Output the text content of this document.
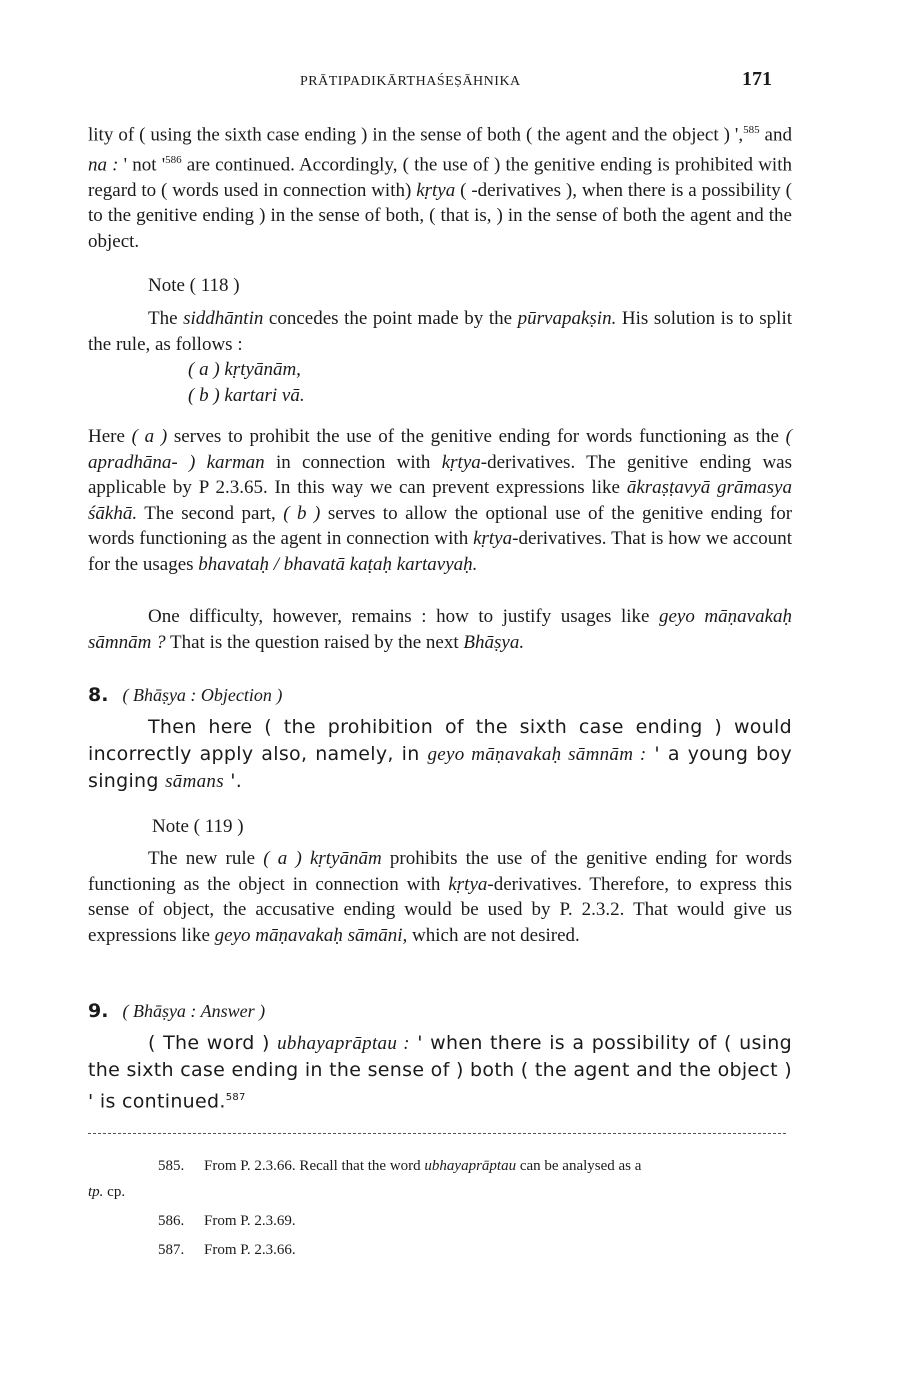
PRĀTIPADIKĀRTHAŚEṢĀHNIKA	171
lity of ( using the sixth case ending ) in the sense of both ( the agent and the object ) ',$^{585}$ and na : ' not '$^{586}$ are continued. Accordingly, ( the use of ) the genitive ending is prohibited with regard to ( words used in connection with) kṛtya ( -derivatives ), when there is a possibility ( to the genitive ending ) in the sense of both, ( that is, ) in the sense of both the agent and the object.
Note ( 118 )
The siddhāntin concedes the point made by the pūrvapakṣin. His solution is to split the rule, as follows :
( a ) kṛtyānām,
( b ) kartari vā.
Here ( a ) serves to prohibit the use of the genitive ending for words functioning as the ( apradhāna- ) karman in connection with kṛtya-derivatives. The genitive ending was applicable by P 2.3.65. In this way we can prevent expressions like ākraṣṭavyā grāmasya śākhā. The second part, ( b ) serves to allow the optional use of the genitive ending for words functioning as the agent in connection with kṛtya-derivatives. That is how we account for the usages bhavataḥ / bhavatā kaṭaḥ kartavyaḥ.
One difficulty, however, remains : how to justify usages like geyo māṇavakaḥ sāmnām ? That is the question raised by the next Bhāṣya.
8. ( Bhāṣya : Objection )
Then here ( the prohibition of the sixth case ending ) would incorrectly apply also, namely, in geyo māṇavakaḥ sāmnām : ' a young boy singing sāmans '.
Note ( 119 )
The new rule ( a ) kṛtyānām prohibits the use of the genitive ending for words functioning as the object in connection with kṛtya-derivatives. Therefore, to express this sense of object, the accusative ending would be used by P. 2.3.2. That would give us expressions like geyo māṇavakaḥ sāmāni, which are not desired.
9. ( Bhāṣya : Answer )
( The word ) ubhayaprāptau : ' when there is a possibility of ( using the sixth case ending in the sense of ) both ( the agent and the object ) ' is continued.$^{587}$
585. From P. 2.3.66. Recall that the word ubhayaprāptau can be analysed as a
tp. cp.
586. From P. 2.3.69.
587. From P. 2.3.66.
